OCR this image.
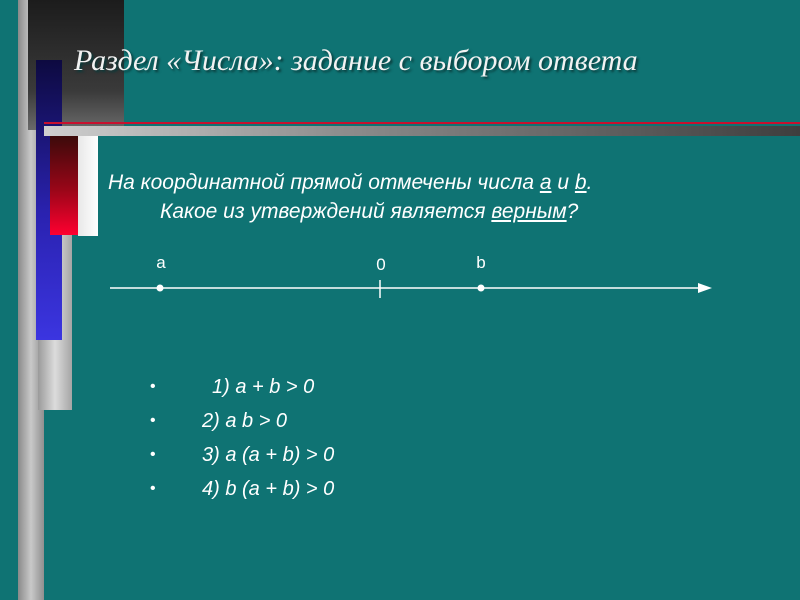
Раздел «Числа»: задание с выбором ответа
На координатной прямой отмечены числа a и b.
Какое из утверждений является верным?
a	0	b
•	1) a + b > 0
• 2) a b > 0
• 3) a (a + b) > 0
• 4) b (a + b) > 0
